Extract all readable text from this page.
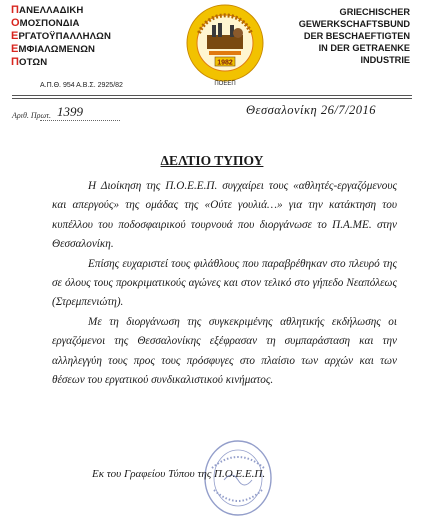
ΠΑΝΕΛΛΑΔΙΚΗ
ΟΜΟΣΠΟΝΔΙΑ
ΕΡΓΑΤΟΫΠΑΛΛΗΛΩΝ
ΕΜΦΙΑΛΩΜΕΝΩΝ
ΠΟΤΩΝ
Α.Π.Θ. 954 Α.Β.Σ. 2925/82
1982
ΠΟΕΕΠ
GRIECHISCHER
GEWERKSCHAFTSBUND
DER BESCHAEFTIGTEN
IN DER GETRAENKE
INDUSTRIE
Αριθ. Πρωτ. 1399	Θεσσαλονίκη 26/7/2016
ΔΕΛΤΙΟ ΤΥΠΟΥ

Η Διοίκηση της Π.Ο.Ε.Ε.Π. συγχαίρει τους «αθλητές-εργαζόμενους και απεργούς» της ομάδας της «Ούτε γουλιά…» για την κατάκτηση του κυπέλλου του ποδοσφαιρικού τουρνουά που διοργάνωσε το Π.Α.ΜΕ. στην Θεσσαλονίκη.

Επίσης ευχαριστεί τους φιλάθλους που παραβρέθηκαν στο πλευρό της σε όλους τους προκριματικούς αγώνες και στον τελικό στο γήπεδο Νεαπόλεως (Στρεμπενιώτη).

Με τη διοργάνωση της συγκεκριμένης αθλητικής εκδήλωσης οι εργαζόμενοι της Θεσσαλονίκης εξέφρασαν τη συμπαράσταση και την αλληλεγγύη τους προς τους πρόσφυγες στο πλαίσιο των αρχών και των θέσεων του εργατικού συνδικαλιστικού κινήματος.

Εκ του Γραφείου Τύπου της Π.Ο.Ε.Ε.Π.
